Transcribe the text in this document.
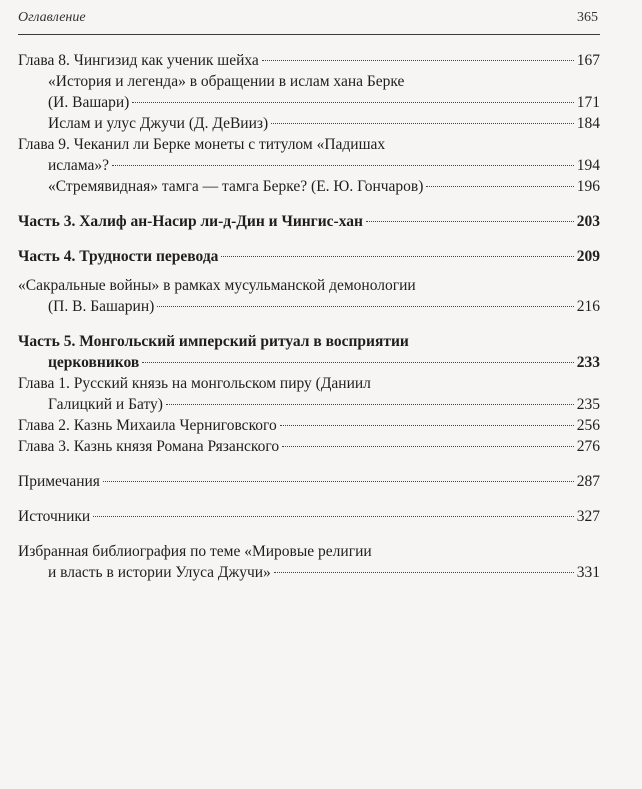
Оглавление	365
Глава 8. Чингизид как ученик шейха	167
«История и легенда» в обращении в ислам хана Берке
(И. Вашари)	171
Ислам и улус Джучи (Д. ДеВииз)	184
Глава 9. Чеканил ли Берке монеты с титулом «Падишах
ислама»?	194
«Стремявидная» тамга — тамга Берке? (Е. Ю. Гончаров)	196
Часть 3. Халиф ан-Насир ли-д-Дин и Чингис-хан	203
Часть 4. Трудности перевода	209
«Сакральные войны» в рамках мусульманской демонологии
(П. В. Башарин)	216
Часть 5. Монгольский имперский ритуал в восприятии
церковников	233
Глава 1. Русский князь на монгольском пиру (Даниил
Галицкий и Бату)	235
Глава 2. Казнь Михаила Черниговского	256
Глава 3. Казнь князя Романа Рязанского	276
Примечания	287
Источники	327
Избранная библиография по теме «Мировые религии
и власть в истории Улуса Джучи»	331
